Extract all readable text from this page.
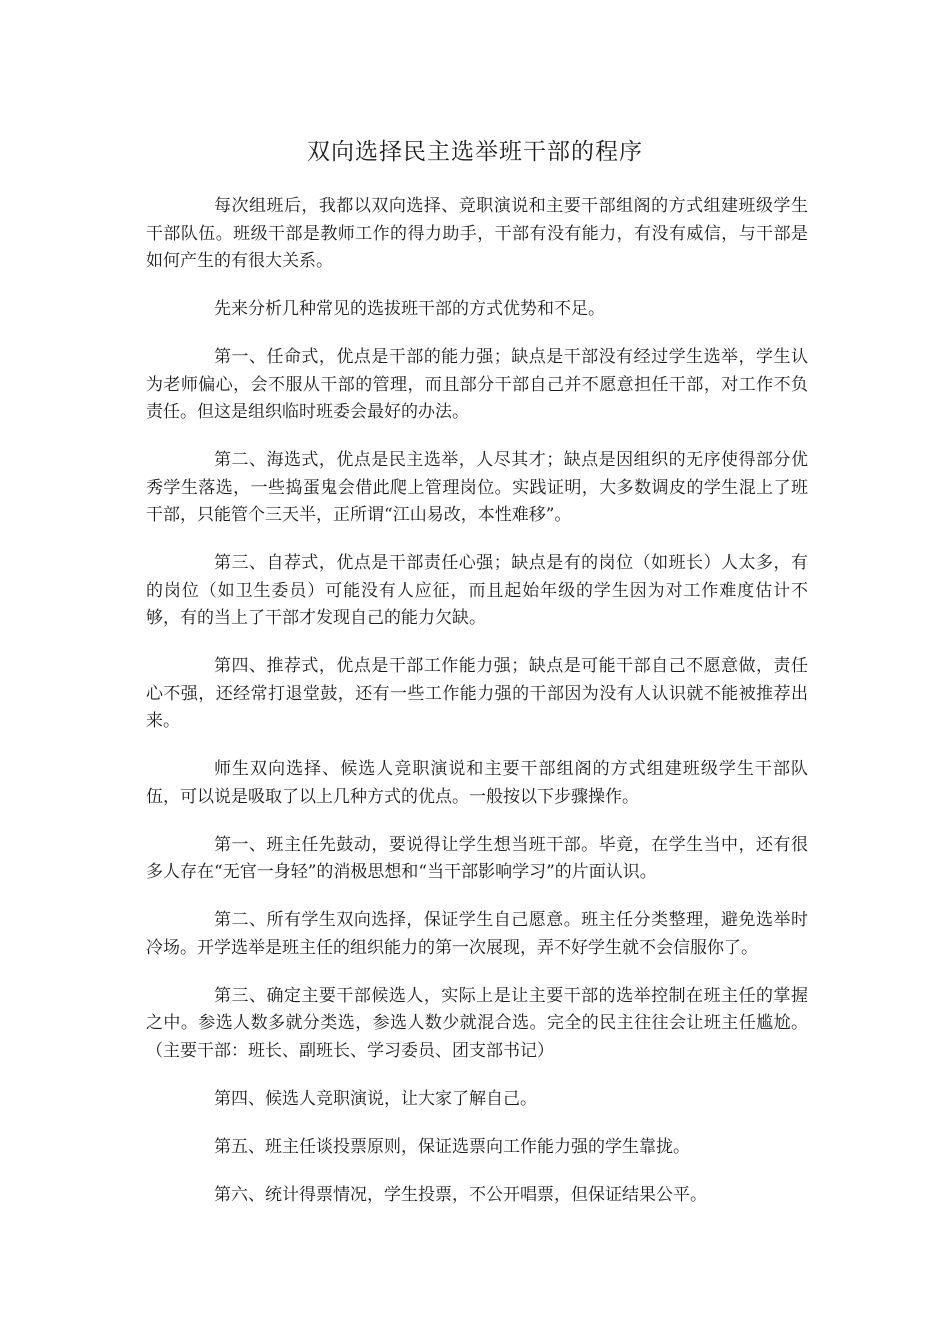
双向选择民主选举班干部的程序

每次组班后，我都以双向选择、竞职演说和主要干部组阁的方式组建班级学生干部队伍。班级干部是教师工作的得力助手，干部有没有能力，有没有威信，与干部是如何产生的有很大关系。

先来分析几种常见的选拔班干部的方式优势和不足。

第一、任命式，优点是干部的能力强；缺点是干部没有经过学生选举，学生认为老师偏心，会不服从干部的管理，而且部分干部自己并不愿意担任干部，对工作不负责任。但这是组织临时班委会最好的办法。

第二、海选式，优点是民主选举，人尽其才；缺点是因组织的无序使得部分优秀学生落选，一些捣蛋鬼会借此爬上管理岗位。实践证明，大多数调皮的学生混上了班干部，只能管个三天半，正所谓“江山易改，本性难移”。

第三、自荐式，优点是干部责任心强；缺点是有的岗位（如班长）人太多，有的岗位（如卫生委员）可能没有人应征，而且起始年级的学生因为对工作难度估计不够，有的当上了干部才发现自己的能力欠缺。

第四、推荐式，优点是干部工作能力强；缺点是可能干部自己不愿意做，责任心不强，还经常打退堂鼓，还有一些工作能力强的干部因为没有人认识就不能被推荐出来。

师生双向选择、候选人竞职演说和主要干部组阁的方式组建班级学生干部队伍，可以说是吸取了以上几种方式的优点。一般按以下步骤操作。

第一、班主任先鼓动，要说得让学生想当班干部。毕竟，在学生当中，还有很多人存在“无官一身轻”的消极思想和“当干部影响学习”的片面认识。

第二、所有学生双向选择，保证学生自己愿意。班主任分类整理，避免选举时冷场。开学选举是班主任的组织能力的第一次展现，弄不好学生就不会信服你了。

第三、确定主要干部候选人，实际上是让主要干部的选举控制在班主任的掌握之中。参选人数多就分类选，参选人数少就混合选。完全的民主往往会让班主任尴尬。（主要干部：班长、副班长、学习委员、团支部书记）

第四、候选人竞职演说，让大家了解自己。

第五、班主任谈投票原则，保证选票向工作能力强的学生靠拢。

第六、统计得票情况，学生投票，不公开唱票，但保证结果公平。
